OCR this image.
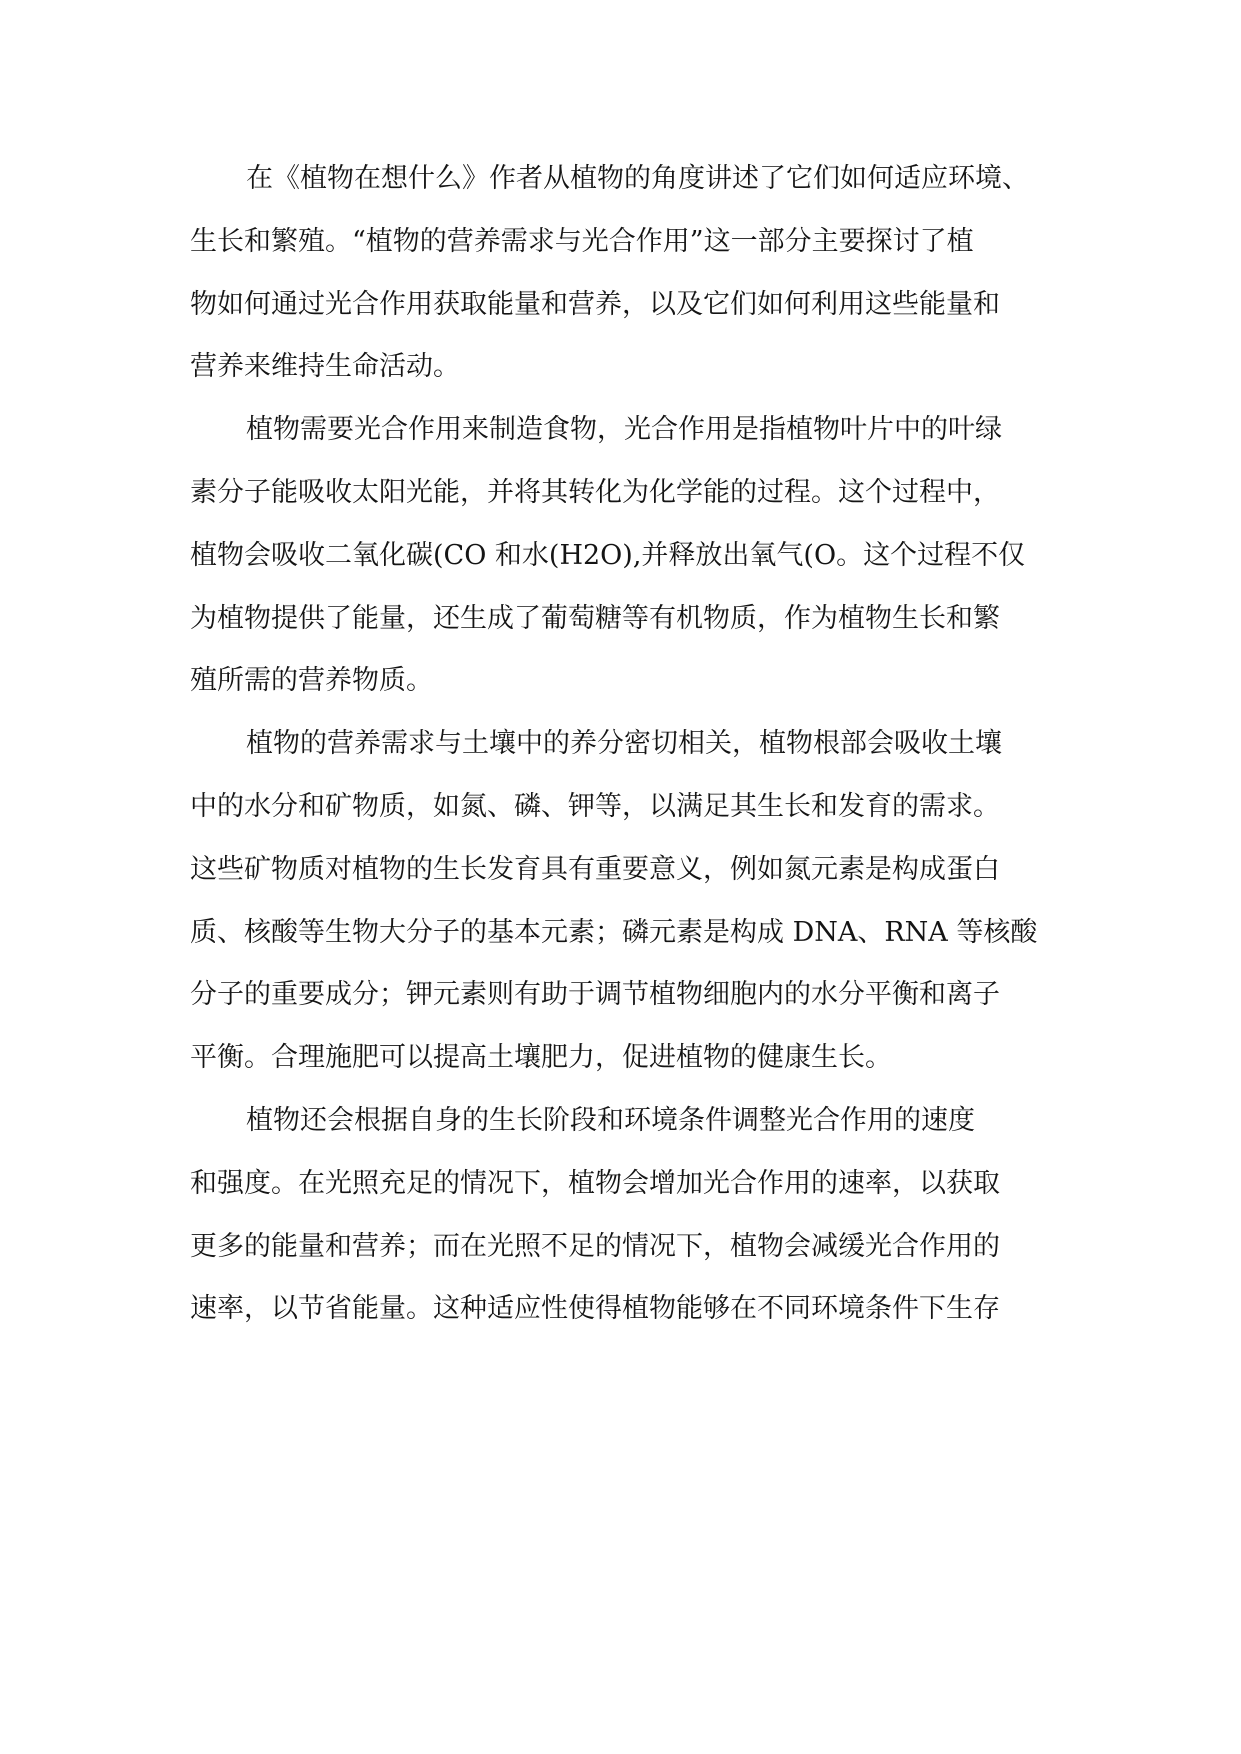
在《植物在想什么》作者从植物的角度讲述了它们如何适应环境、
生长和繁殖。“植物的营养需求与光合作用”这一部分主要探讨了植
物如何通过光合作用获取能量和营养，以及它们如何利用这些能量和
营养来维持生命活动。
植物需要光合作用来制造食物，光合作用是指植物叶片中的叶绿
素分子能吸收太阳光能，并将其转化为化学能的过程。这个过程中，
植物会吸收二氧化碳(CO 和水(H2O),并释放出氧气(O。这个过程不仅
为植物提供了能量，还生成了葡萄糖等有机物质，作为植物生长和繁
殖所需的营养物质。
植物的营养需求与土壤中的养分密切相关，植物根部会吸收土壤
中的水分和矿物质，如氮、磷、钾等，以满足其生长和发育的需求。
这些矿物质对植物的生长发育具有重要意义，例如氮元素是构成蛋白
质、核酸等生物大分子的基本元素；磷元素是构成 DNA、RNA 等核酸
分子的重要成分；钾元素则有助于调节植物细胞内的水分平衡和离子
平衡。合理施肥可以提高土壤肥力，促进植物的健康生长。
植物还会根据自身的生长阶段和环境条件调整光合作用的速度
和强度。在光照充足的情况下，植物会增加光合作用的速率，以获取
更多的能量和营养；而在光照不足的情况下，植物会减缓光合作用的
速率，以节省能量。这种适应性使得植物能够在不同环境条件下生存
